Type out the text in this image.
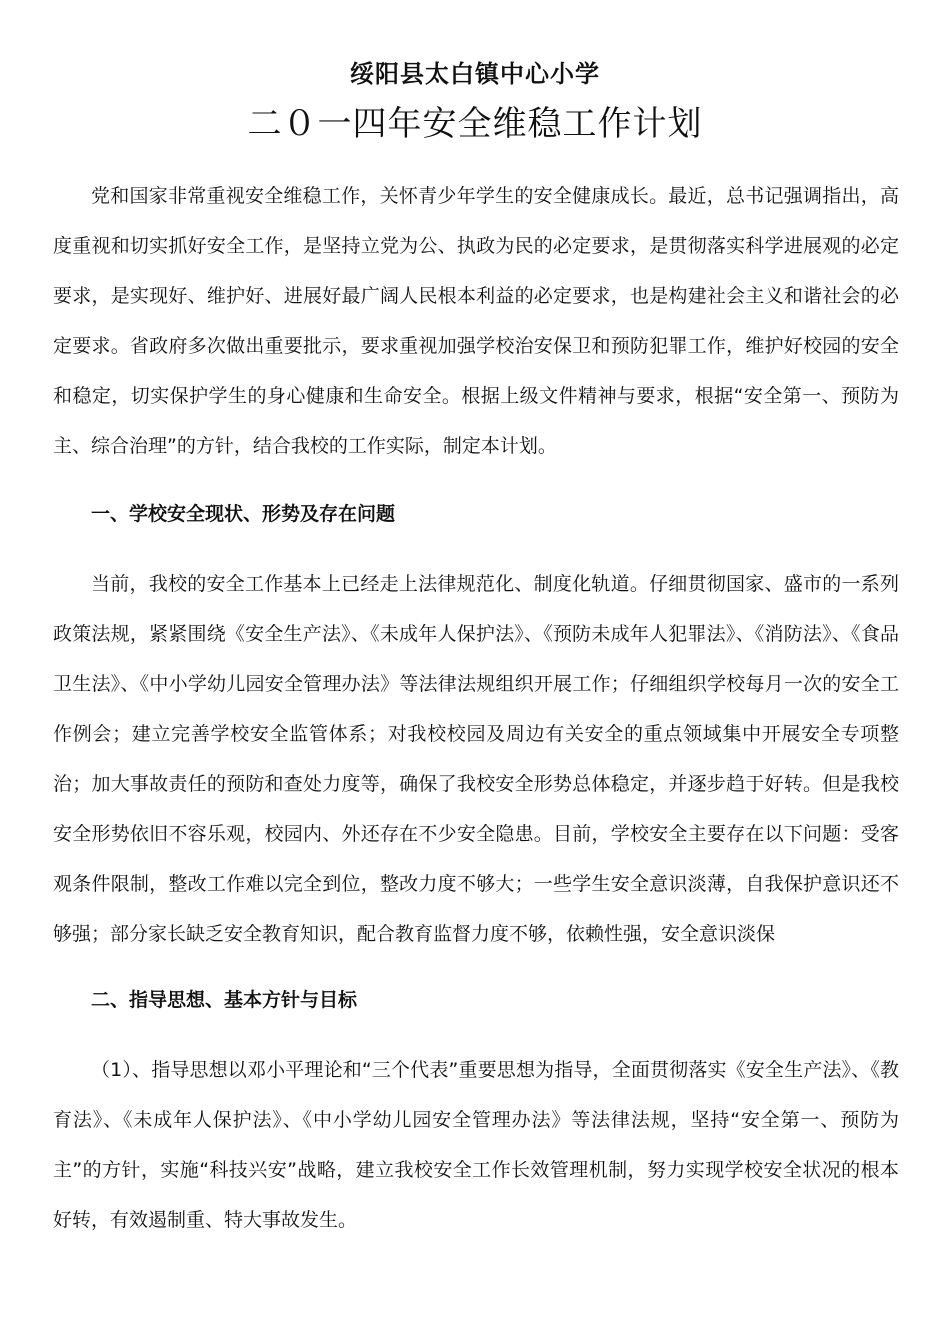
绥阳县太白镇中心小学
二０一四年安全维稳工作计划

党和国家非常重视安全维稳工作，关怀青少年学生的安全健康成长。最近，总书记强调指出，高度重视和切实抓好安全工作，是坚持立党为公、执政为民的必定要求，是贯彻落实科学进展观的必定要求，是实现好、维护好、进展好最广阔人民根本利益的必定要求，也是构建社会主义和谐社会的必定要求。省政府多次做出重要批示，要求重视加强学校治安保卫和预防犯罪工作，维护好校园的安全和稳定，切实保护学生的身心健康和生命安全。根据上级文件精神与要求，根据“安全第一、预防为主、综合治理”的方针，结合我校的工作实际，制定本计划。

一、学校安全现状、形势及存在问题

当前，我校的安全工作基本上已经走上法律规范化、制度化轨道。仔细贯彻国家、盛市的一系列政策法规，紧紧围绕《安全生产法》、《未成年人保护法》、《预防未成年人犯罪法》、《消防法》、《食品卫生法》、《中小学幼儿园安全管理办法》等法律法规组织开展工作；仔细组织学校每月一次的安全工作例会；建立完善学校安全监管体系；对我校校园及周边有关安全的重点领域集中开展安全专项整治；加大事故责任的预防和查处力度等，确保了我校安全形势总体稳定，并逐步趋于好转。但是我校安全形势依旧不容乐观，校园内、外还存在不少安全隐患。目前，学校安全主要存在以下问题：受客观条件限制，整改工作难以完全到位，整改力度不够大；一些学生安全意识淡薄，自我保护意识还不够强；部分家长缺乏安全教育知识，配合教育监督力度不够，依赖性强，安全意识淡保

二、指导思想、基本方针与目标

（1）、指导思想以邓小平理论和“三个代表”重要思想为指导，全面贯彻落实《安全生产法》、《教育法》、《未成年人保护法》、《中小学幼儿园安全管理办法》等法律法规，坚持“安全第一、预防为主”的方针，实施“科技兴安”战略，建立我校安全工作长效管理机制，努力实现学校安全状况的根本好转，有效遏制重、特大事故发生。
